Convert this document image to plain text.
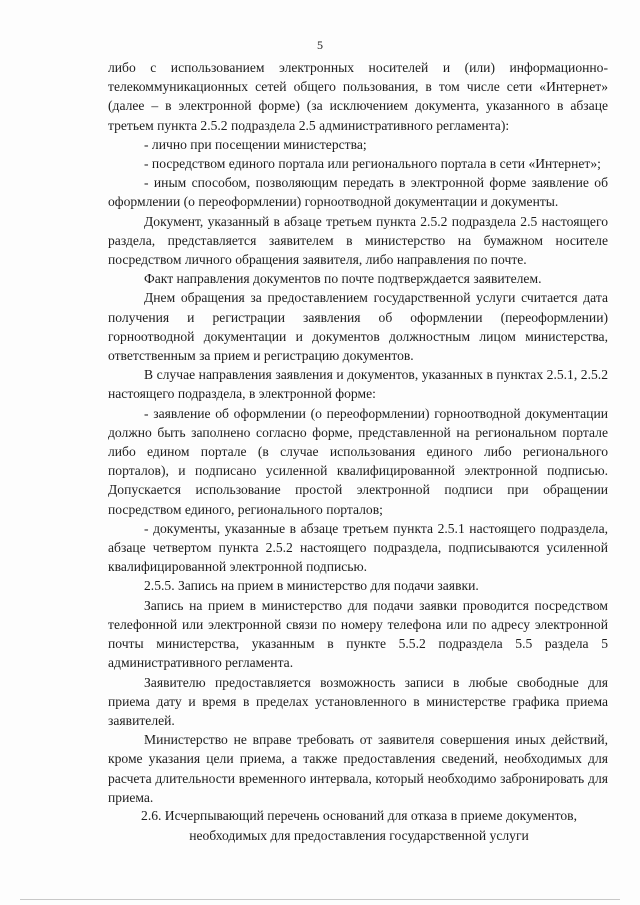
5

либо с использованием электронных носителей и (или) информационно-телекоммуникационных сетей общего пользования, в том числе сети «Интернет» (далее – в электронной форме) (за исключением документа, указанного в абзаце третьем пункта 2.5.2 подраздела 2.5 административного регламента):

- лично при посещении министерства;

- посредством единого портала или регионального портала в сети «Интернет»;

- иным способом, позволяющим передать в электронной форме заявление об оформлении (о переоформлении) горноотводной документации и документы.

Документ, указанный в абзаце третьем пункта 2.5.2 подраздела 2.5 настоящего раздела, представляется заявителем в министерство на бумажном носителе посредством личного обращения заявителя, либо направления по почте.

Факт направления документов по почте подтверждается заявителем.

Днем обращения за предоставлением государственной услуги считается дата получения и регистрации заявления об оформлении (переоформлении) горноотводной документации и документов должностным лицом министерства, ответственным за прием и регистрацию документов.

В случае направления заявления и документов, указанных в пунктах 2.5.1, 2.5.2 настоящего подраздела, в электронной форме:

- заявление об оформлении (о переоформлении) горноотводной документации должно быть заполнено согласно форме, представленной на региональном портале либо едином портале (в случае использования единого либо регионального порталов), и подписано усиленной квалифицированной электронной подписью. Допускается использование простой электронной подписи при обращении посредством единого, регионального порталов;

- документы, указанные в абзаце третьем пункта 2.5.1 настоящего подраздела, абзаце четвертом пункта 2.5.2 настоящего подраздела, подписываются усиленной квалифицированной электронной подписью.

2.5.5. Запись на прием в министерство для подачи заявки.

Запись на прием в министерство для подачи заявки проводится посредством телефонной или электронной связи по номеру телефона или по адресу электронной почты министерства, указанным в пункте 5.5.2 подраздела 5.5 раздела 5 административного регламента.

Заявителю предоставляется возможность записи в любые свободные для приема дату и время в пределах установленного в министерстве графика приема заявителей.

Министерство не вправе требовать от заявителя совершения иных действий, кроме указания цели приема, а также предоставления сведений, необходимых для расчета длительности временного интервала, который необходимо забронировать для приема.

2.6. Исчерпывающий перечень оснований для отказа в приеме документов,
необходимых для предоставления государственной услуги
